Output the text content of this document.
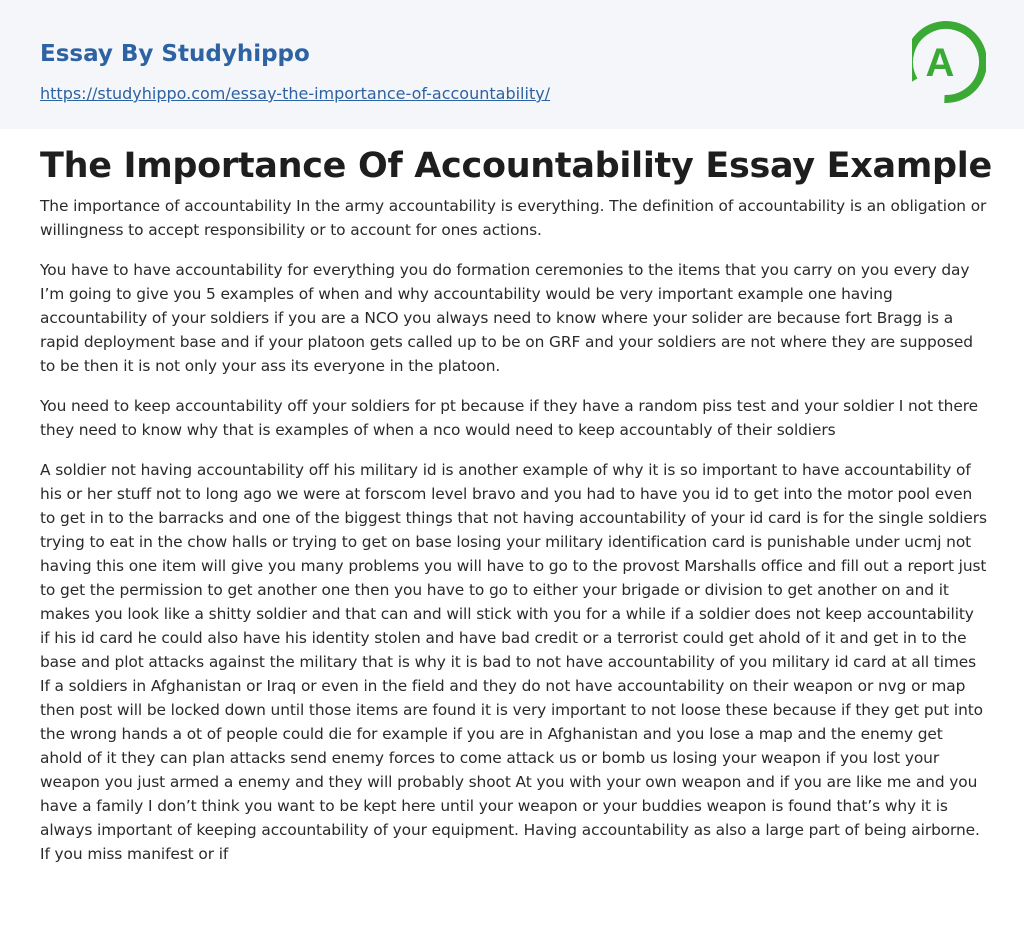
Essay By Studyhippo
https://studyhippo.com/essay-the-importance-of-accountability/
A
The Importance Of Accountability Essay Example

The importance of accountability In the army accountability is everything. The definition of accountability is an obligation or willingness to accept responsibility or to account for ones actions.

You have to have accountability for everything you do formation ceremonies to the items that you carry on you every day I’m going to give you 5 examples of when and why accountability would be very important example one having accountability of your soldiers if you are a NCO you always need to know where your solider are because fort Bragg is a rapid deployment base and if your platoon gets called up to be on GRF and your soldiers are not where they are supposed to be then it is not only your ass its everyone in the platoon.

You need to keep accountability off your soldiers for pt because if they have a random piss test and your soldier I not there they need to know why that is examples of when a nco would need to keep accountably of their soldiers

A soldier not having accountability off his military id is another example of why it is so important to have accountability of his or her stuff not to long ago we were at forscom level bravo and you had to have you id to get into the motor pool even to get in to the barracks and one of the biggest things that not having accountability of your id card is for the single soldiers trying to eat in the chow halls or trying to get on base losing your military identification card is punishable under ucmj not having this one item will give you many problems you will have to go to the provost Marshalls office and fill out a report just to get the permission to get another one then you have to go to either your brigade or division to get another on and it makes you look like a shitty soldier and that can and will stick with you for a while if a soldier does not keep accountability if his id card he could also have his identity stolen and have bad credit or a terrorist could get ahold of it and get in to the base and plot attacks against the military that is why it is bad to not have accountability of you military id card at all times If a soldiers in Afghanistan or Iraq or even in the field and they do not have accountability on their weapon or nvg or map then post will be locked down until those items are found it is very important to not loose these because if they get put into the wrong hands a ot of people could die for example if you are in Afghanistan and you lose a map and the enemy get ahold of it they can plan attacks send enemy forces to come attack us or bomb us losing your weapon if you lost your weapon you just armed a enemy and they will probably shoot At you with your own weapon and if you are like me and you have a family I don’t think you want to be kept here until your weapon or your buddies weapon is found that’s why it is always important of keeping accountability of your equipment. Having accountability as also a large part of being airborne. If you miss manifest or if
